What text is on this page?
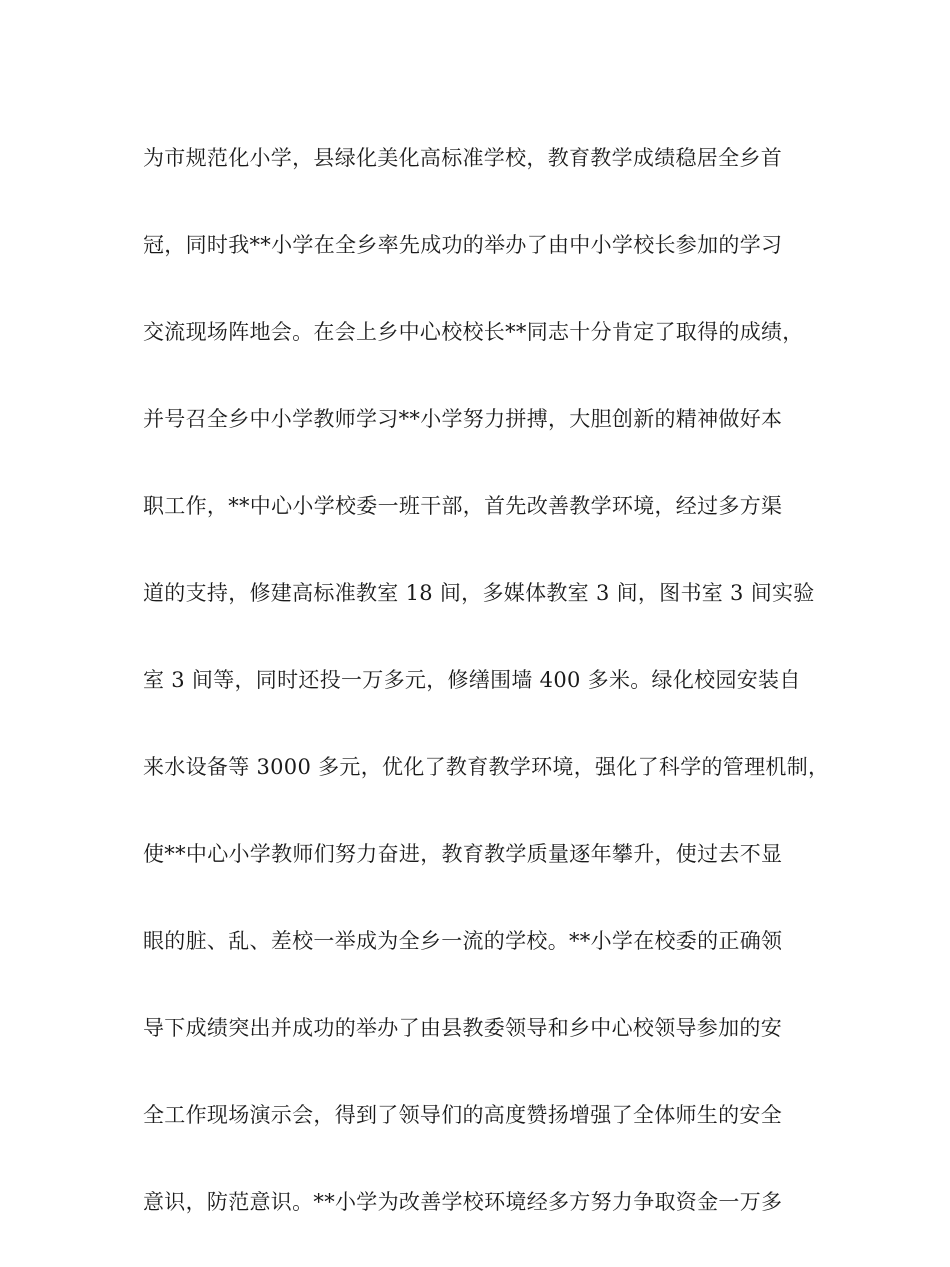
为市规范化小学，县绿化美化高标准学校，教育教学成绩稳居全乡首
冠，同时我**小学在全乡率先成功的举办了由中小学校长参加的学习
交流现场阵地会。在会上乡中心校校长**同志十分肯定了取得的成绩，
并号召全乡中小学教师学习**小学努力拼搏，大胆创新的精神做好本
职工作，**中心小学校委一班干部，首先改善教学环境，经过多方渠
道的支持，修建高标准教室 18 间，多媒体教室 3 间，图书室 3 间实验
室 3 间等，同时还投一万多元，修缮围墙 400 多米。绿化校园安装自
来水设备等 3000 多元，优化了教育教学环境，强化了科学的管理机制，
使**中心小学教师们努力奋进，教育教学质量逐年攀升，使过去不显
眼的脏、乱、差校一举成为全乡一流的学校。**小学在校委的正确领
导下成绩突出并成功的举办了由县教委领导和乡中心校领导参加的安
全工作现场演示会，得到了领导们的高度赞扬增强了全体师生的安全
意识，防范意识。**小学为改善学校环境经多方努力争取资金一万多
